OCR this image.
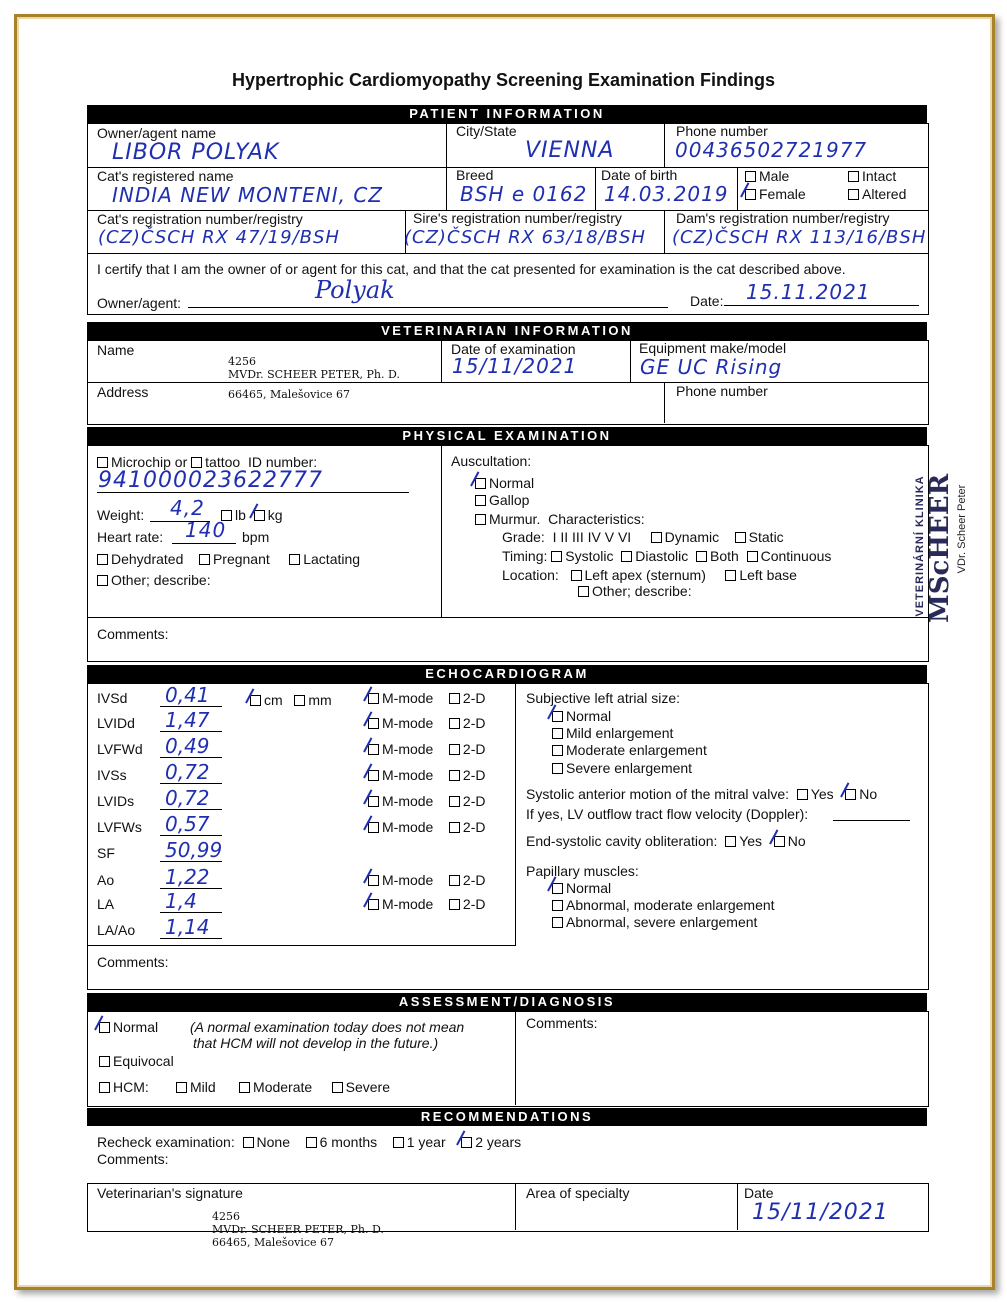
Hypertrophic Cardiomyopathy Screening Examination Findings
PATIENT INFORMATION
Owner/agent name
LIBOR POLYAK
City/State
VIENNA
Phone number
00436502721977
Cat's registered name
INDIA NEW MONTENI, CZ
Breed
BSH e 0162
Date of birth
14.03.2019
Male	Intact
Female	Altered
Cat's registration number/registry
(CZ)ČSCH RX 47/19/BSH
Sire's registration number/registry
(CZ)ČSCH RX 63/18/BSH
Dam's registration number/registry
(CZ)ČSCH RX 113/16/BSH
I certify that I am the owner of or agent for this cat, and that the cat presented for examination is the cat described above.
Owner/agent:	Polyak	Date: 15.11.2021
VETERINARIAN INFORMATION
Name
4256
MVDr. SCHEER PETER, Ph. D.
Date of examination
15/11/2021
Equipment make/model
GE UC Rising
Address	66465, Malešovice 67	Phone number
PHYSICAL EXAMINATION
Microchip or tattoo ID number:
941000023622777
Weight: 4,2	lb kg
Heart rate: 140 bpm
Dehydrated Pregnant Lactating
Other; describe:
Comments:
Auscultation:
Normal
Gallop
Murmur. Characteristics:
Grade: I II III IV V VI Dynamic Static
Timing: Systolic Diastolic Both Continuous
Location: Left apex (sternum) Left base
Other; describe:
ECHOCARDIOGRAM
IVSd 0,41	M-mode 2-D
LVIDd 1,47	M-mode 2-D
LVFWd 0,49	M-mode 2-D
IVSs 0,72	M-mode 2-D
LVIDs 0,72	M-mode 2-D
LVFWs 0,57	M-mode 2-D
SF	50,99
Ao	1,22	M-mode 2-D
LA	1,4	M-mode 2-D
LA/Ao 1,14
cm mm	Subjective left atrial size:
Normal
Mild enlargement
Moderate enlargement
Severe enlargement
Systolic anterior motion of the mitral valve: Yes No
If yes, LV outflow tract flow velocity (Doppler):
End-systolic cavity obliteration: Yes No
Papillary muscles:
Normal
Abnormal, moderate enlargement
Abnormal, severe enlargement
Comments:
ASSESSMENT/DIAGNOSIS
Normal (A normal examination today does not mean
that HCM will not develop in the future.)
Equivocal
HCM:	Mild	Moderate Severe
Comments:
RECOMMENDATIONS
Recheck examination: None 6 months 1 year 2 years
Comments:
Veterinarian's signature
4256
MVDr. SCHEER PETER, Ph. D.
66465, Malešovice 67
Area of specialty	Date
15/11/2021
VETERINÁRNÍ KLINIKA MScHEER VDr. Scheer Peter
